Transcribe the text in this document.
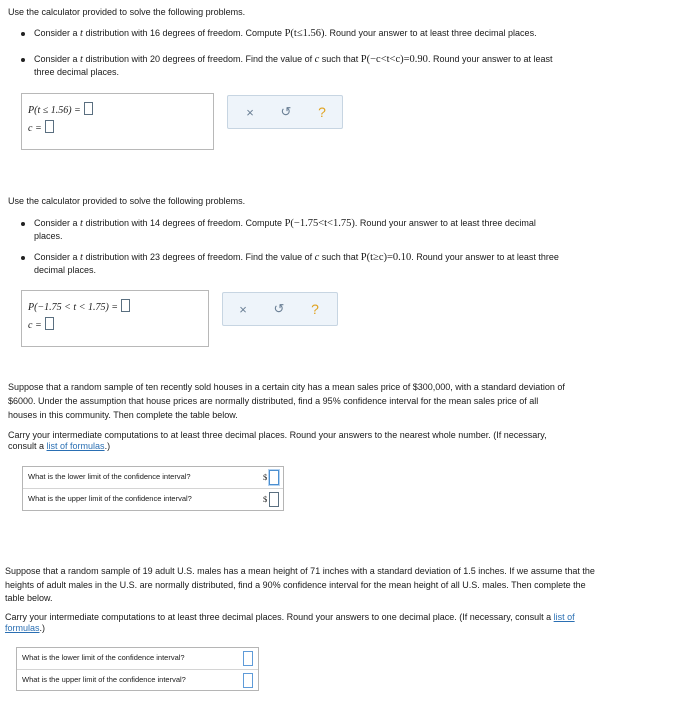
Use the calculator provided to solve the following problems.
Consider a t distribution with 16 degrees of freedom. Compute P(t≤1.56). Round your answer to at least three decimal places.
Consider a t distribution with 20 degrees of freedom. Find the value of c such that P(−c<t<c)=0.90. Round your answer to at least
three decimal places.
P(t ≤ 1.56) =
c =
×	↺	?
Use the calculator provided to solve the following problems.
Consider a t distribution with 14 degrees of freedom. Compute P(−1.75<t<1.75). Round your answer to at least three decimal
places.
Consider a t distribution with 23 degrees of freedom. Find the value of c such that P(t≥c)=0.10. Round your answer to at least three
decimal places.
P(−1.75 < t < 1.75) =
c =
×	↺	?
Suppose that a random sample of ten recently sold houses in a certain city has a mean sales price of $300,000, with a standard deviation of
$6000. Under the assumption that house prices are normally distributed, find a 95% confidence interval for the mean sales price of all
houses in this community. Then complete the table below.
Carry your intermediate computations to at least three decimal places. Round your answers to the nearest whole number. (If necessary,
consult a list of formulas.)
What is the lower limit of the confidence interval?	$
What is the upper limit of the confidence interval?	$
Suppose that a random sample of 19 adult U.S. males has a mean height of 71 inches with a standard deviation of 1.5 inches. If we assume that the
heights of adult males in the U.S. are normally distributed, find a 90% confidence interval for the mean height of all U.S. males. Then complete the
table below.
Carry your intermediate computations to at least three decimal places. Round your answers to one decimal place. (If necessary, consult a list of
formulas.)
What is the lower limit of the confidence interval?
What is the upper limit of the confidence interval?
